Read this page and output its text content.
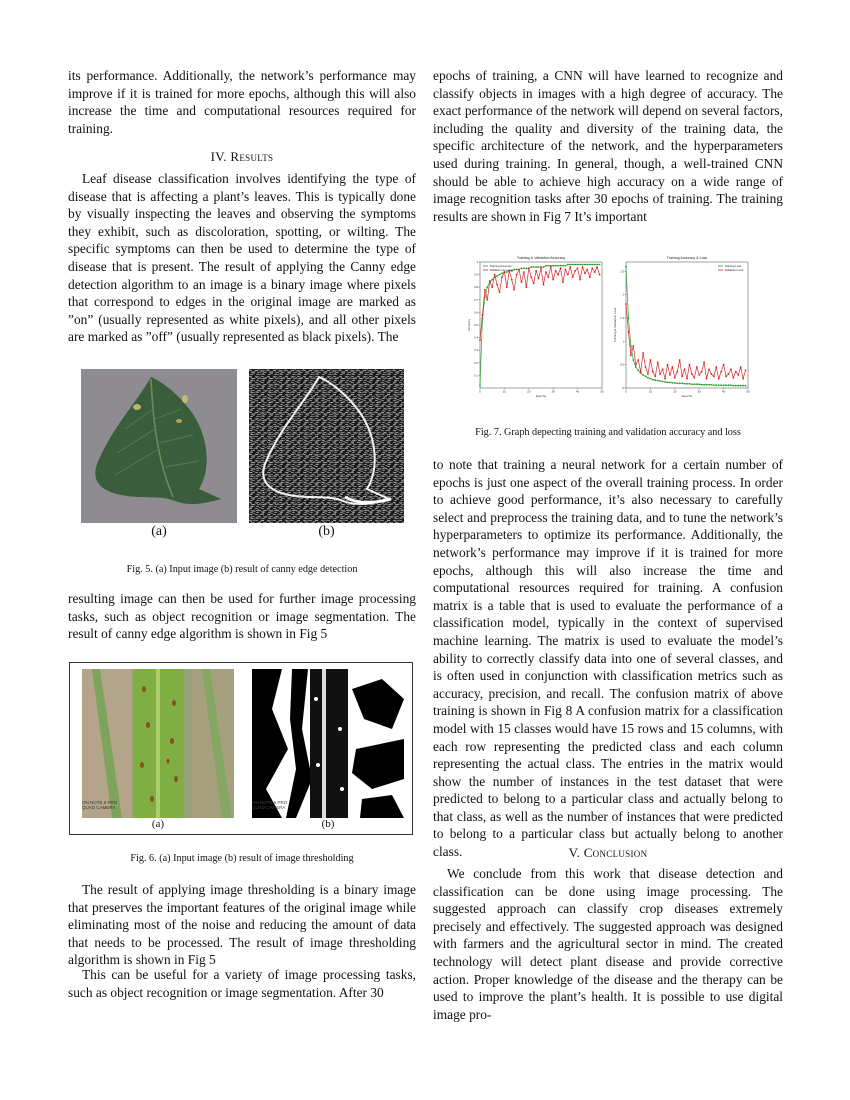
its performance. Additionally, the network’s performance may improve if it is trained for more epochs, although this will also increase the time and computational resources required for training.

IV. Results

Leaf disease classification involves identifying the type of disease that is affecting a plant’s leaves. This is typically done by visually inspecting the leaves and observing the symptoms they exhibit, such as discoloration, spotting, or wilting. The specific symptoms can then be used to determine the type of disease that is present. The result of applying the Canny edge detection algorithm to an image is a binary image where pixels that correspond to edges in the original image are marked as ”on” (usually represented as white pixels), and all other pixels are marked as ”off” (usually represented as black pixels). The

(a)	(b)

Fig. 5. (a) Input image (b) result of canny edge detection

resulting image can then be used for further image processing tasks, such as object recognition or image segmentation. The result of canny edge algorithm is shown in Fig 5

ON NOTE 5 PRO
QUAD CAMERA
ON NOTE 5 PRO
QUAD CAMERA
(a)	(b)

Fig. 6. (a) Input image (b) result of image thresholding

The result of applying image thresholding is a binary image that preserves the important features of the original image while eliminating most of the noise and reducing the amount of data that needs to be processed. The result of image thresholding algorithm is shown in Fig 5

This can be useful for a variety of image processing tasks, such as object recognition or image segmentation. After 30

epochs of training, a CNN will have learned to recognize and classify objects in images with a high degree of accuracy. The exact performance of the network will depend on several factors, including the quality and diversity of the training data, the specific architecture of the network, and the hyperparameters used during training. In general, though, a well-trained CNN should be able to achieve high accuracy on a wide range of image recognition tasks after 30 epochs of training. The training results are shown in Fig 7 It’s important

Training & Validation Accuracy
0	10	20	30	40	50
0.1
0.2
0.3
0.4
0.5
0.6
0.7
0.8
0.9
1
Epochs
Accuracy
Training Accuracy
Validation Accuracy
Training Accuracy & Loss
0	10	20	30	40	50
0
0.5
1
1.5
2
2.5
Epochs
Training & Validation Loss
Training Loss
Validation Loss

Fig. 7. Graph depecting training and validation accuracy and loss

to note that training a neural network for a certain number of epochs is just one aspect of the overall training process. In order to achieve good performance, it’s also necessary to carefully select and preprocess the training data, and to tune the network’s hyperparameters to optimize its performance. Additionally, the network’s performance may improve if it is trained for more epochs, although this will also increase the time and computational resources required for training. A confusion matrix is a table that is used to evaluate the performance of a classification model, typically in the context of supervised machine learning. The matrix is used to evaluate the model’s ability to correctly classify data into one of several classes, and is often used in conjunction with classification metrics such as accuracy, precision, and recall. The confusion matrix of above training is shown in Fig 8 A confusion matrix for a classification model with 15 classes would have 15 rows and 15 columns, with each row representing the predicted class and each column representing the actual class. The entries in the matrix would show the number of instances in the test dataset that were predicted to belong to a particular class and actually belong to that class, as well as the number of instances that were predicted to belong to a particular class but actually belong to another class.	V. Conclusion

We conclude from this work that disease detection and classification can be done using image processing. The suggested approach can classify crop diseases extremely precisely and effectively. The suggested approach was designed with farmers and the agricultural sector in mind. The created technology will detect plant disease and provide corrective action. Proper knowledge of the disease and the therapy can be used to improve the plant’s health. It is possible to use digital image pro-
